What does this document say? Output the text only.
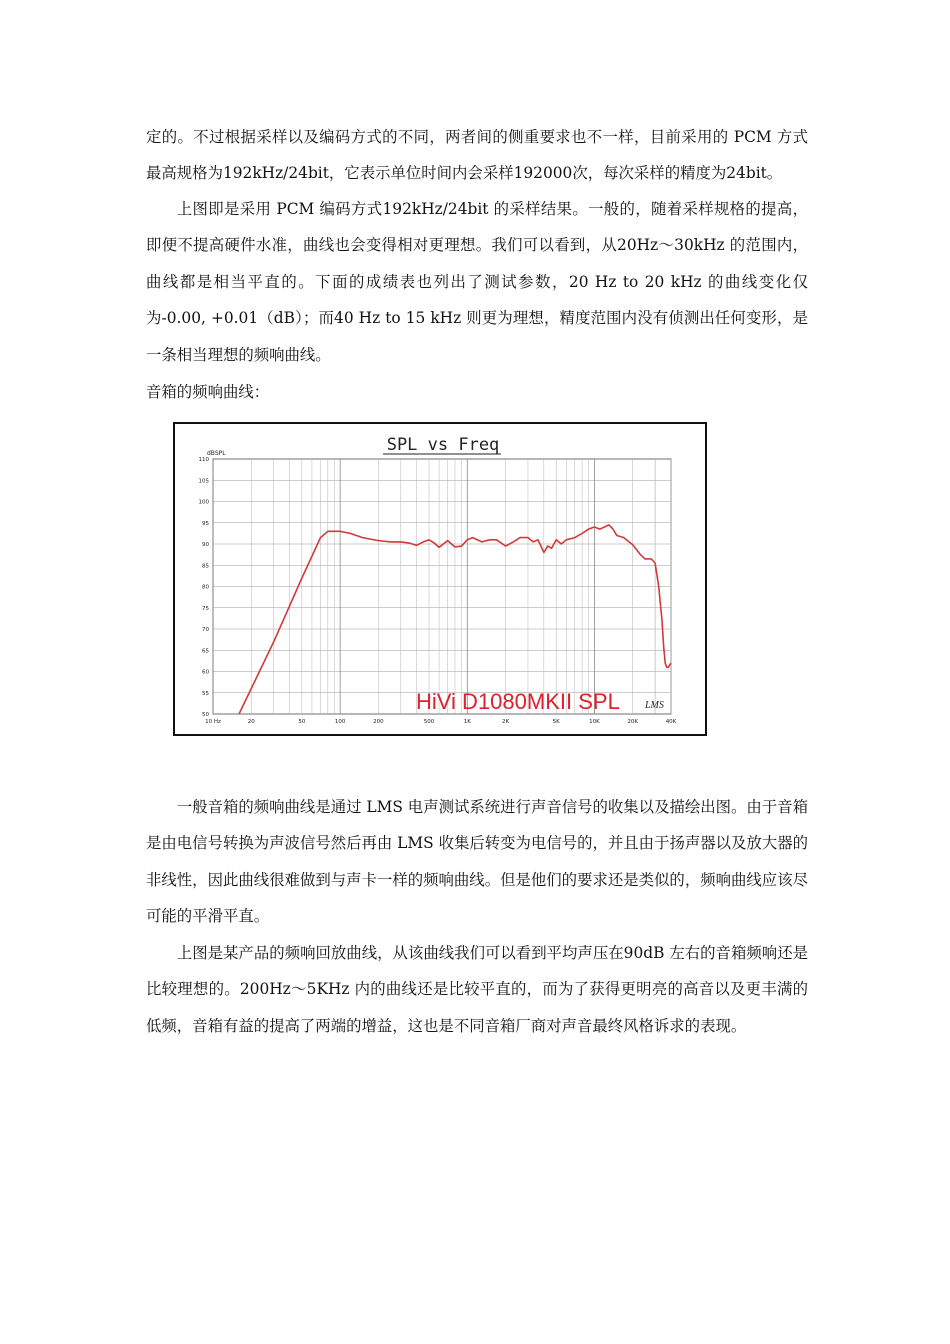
定的。不过根据采样以及编码方式的不同，两者间的侧重要求也不一样，目前采用的 PCM 方式最高规格为192kHz/24bit，它表示单位时间内会采样192000次，每次采样的精度为24bit。

上图即是采用 PCM 编码方式192kHz/24bit 的采样结果。一般的，随着采样规格的提高，即便不提高硬件水准，曲线也会变得相对更理想。我们可以看到，从20Hz～30kHz 的范围内，曲线都是相当平直的。下面的成绩表也列出了测试参数，20 Hz to 20 kHz 的曲线变化仅为-0.00, +0.01（dB）；而40 Hz to 15 kHz 则更为理想，精度范围内没有侦测出任何变形，是一条相当理想的频响曲线。

音箱的频响曲线：

SPL vs Freq
dBSPL
50
55
60
65
70
75
80
85
90
95
100
105
110
10 Hz	20	50	100	200	500	1K	2K	5K	10K	20K	40K
HiVi D1080MKII SPL	LMS

一般音箱的频响曲线是通过 LMS 电声测试系统进行声音信号的收集以及描绘出图。由于音箱是由电信号转换为声波信号然后再由 LMS 收集后转变为电信号的，并且由于扬声器以及放大器的非线性，因此曲线很难做到与声卡一样的频响曲线。但是他们的要求还是类似的，频响曲线应该尽可能的平滑平直。

上图是某产品的频响回放曲线，从该曲线我们可以看到平均声压在90dB 左右的音箱频响还是比较理想的。200Hz～5KHz 内的曲线还是比较平直的，而为了获得更明亮的高音以及更丰满的低频，音箱有益的提高了两端的增益，这也是不同音箱厂商对声音最终风格诉求的表现。
